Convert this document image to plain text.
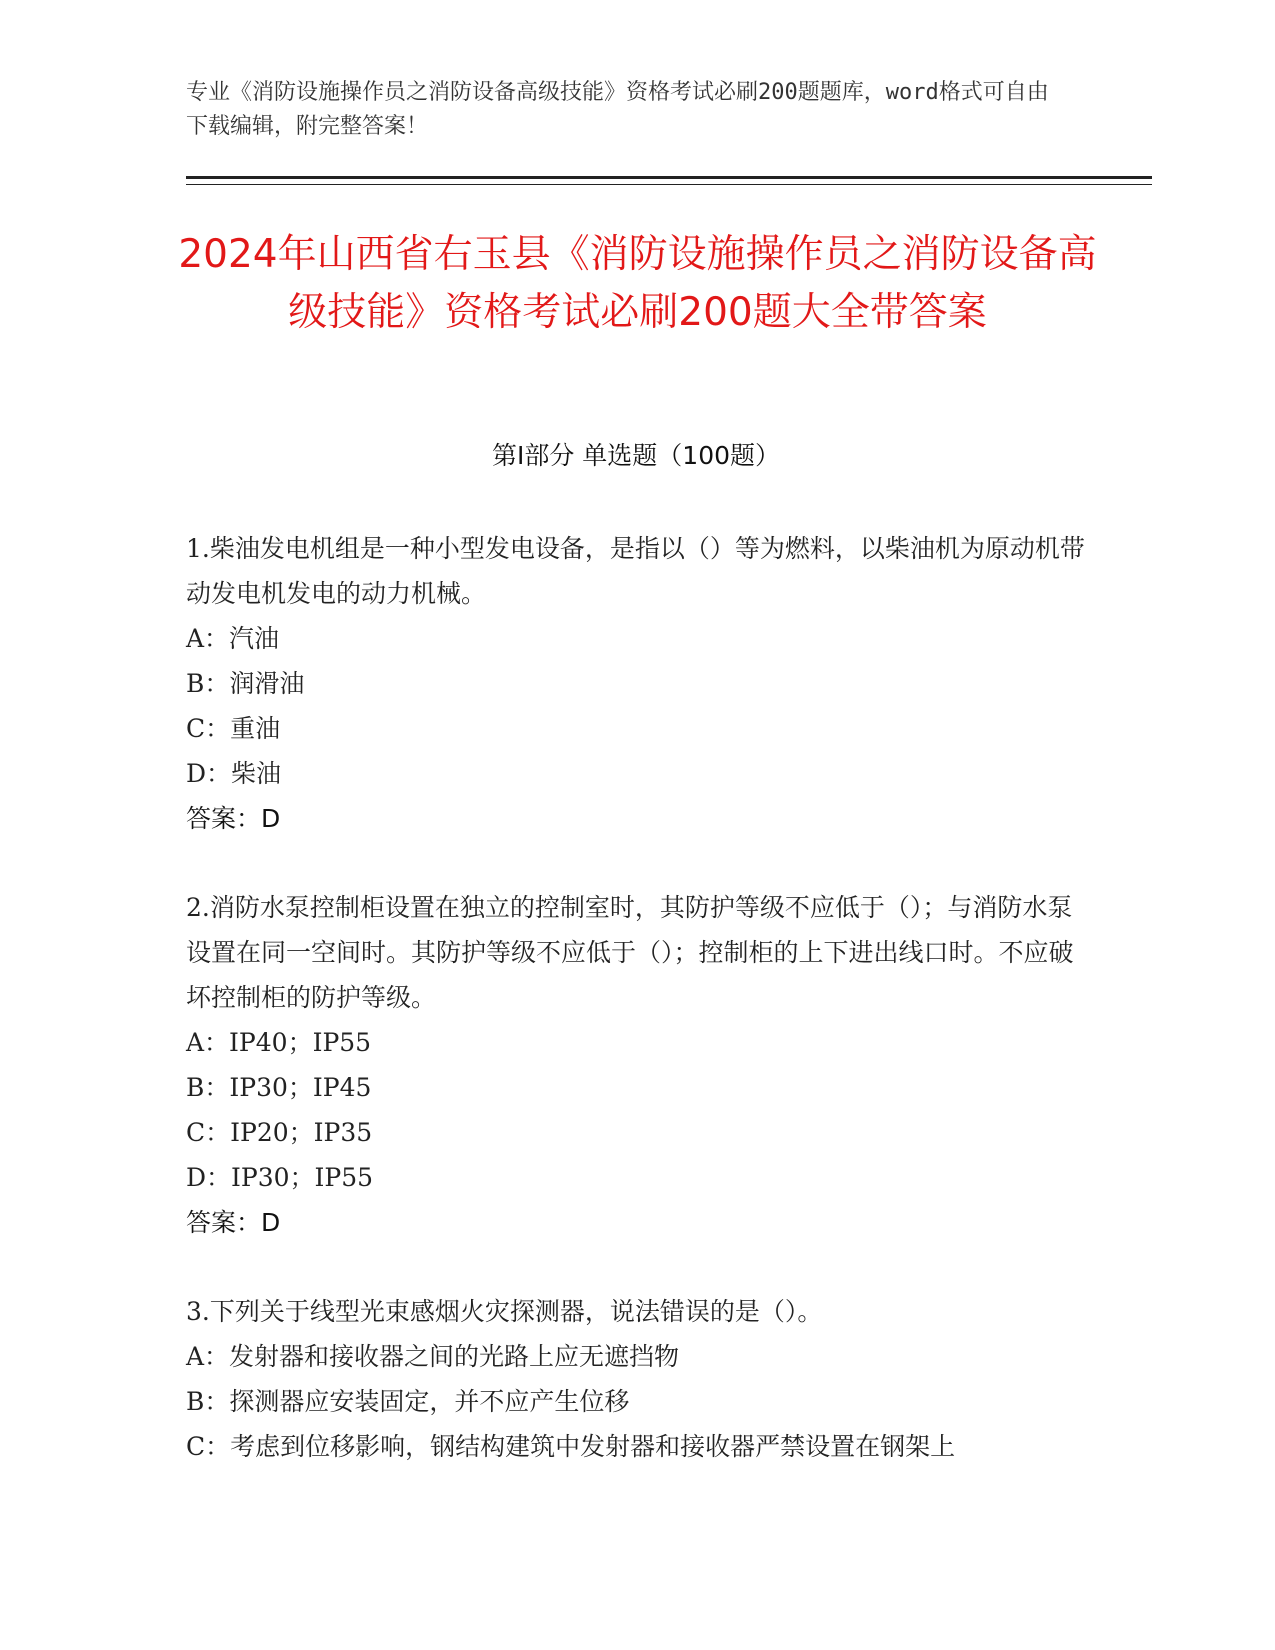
专业《消防设施操作员之消防设备高级技能》资格考试必刷200题题库，word格式可自由下载编辑，附完整答案！
2024年山西省右玉县《消防设施操作员之消防设备高级技能》资格考试必刷200题大全带答案
第Ⅰ部分 单选题（100题）

1.柴油发电机组是一种小型发电设备，是指以（）等为燃料，以柴油机为原动机带动发电机发电的动力机械。

A：汽油

B：润滑油

C：重油

D：柴油

答案：D

2.消防水泵控制柜设置在独立的控制室时，其防护等级不应低于（）；与消防水泵设置在同一空间时。其防护等级不应低于（）；控制柜的上下进出线口时。不应破坏控制柜的防护等级。

A：IP40；IP55

B：IP30；IP45

C：IP20；IP35

D：IP30；IP55

答案：D

3.下列关于线型光束感烟火灾探测器，说法错误的是（）。

A：发射器和接收器之间的光路上应无遮挡物

B：探测器应安装固定，并不应产生位移

C：考虑到位移影响，钢结构建筑中发射器和接收器严禁设置在钢架上
